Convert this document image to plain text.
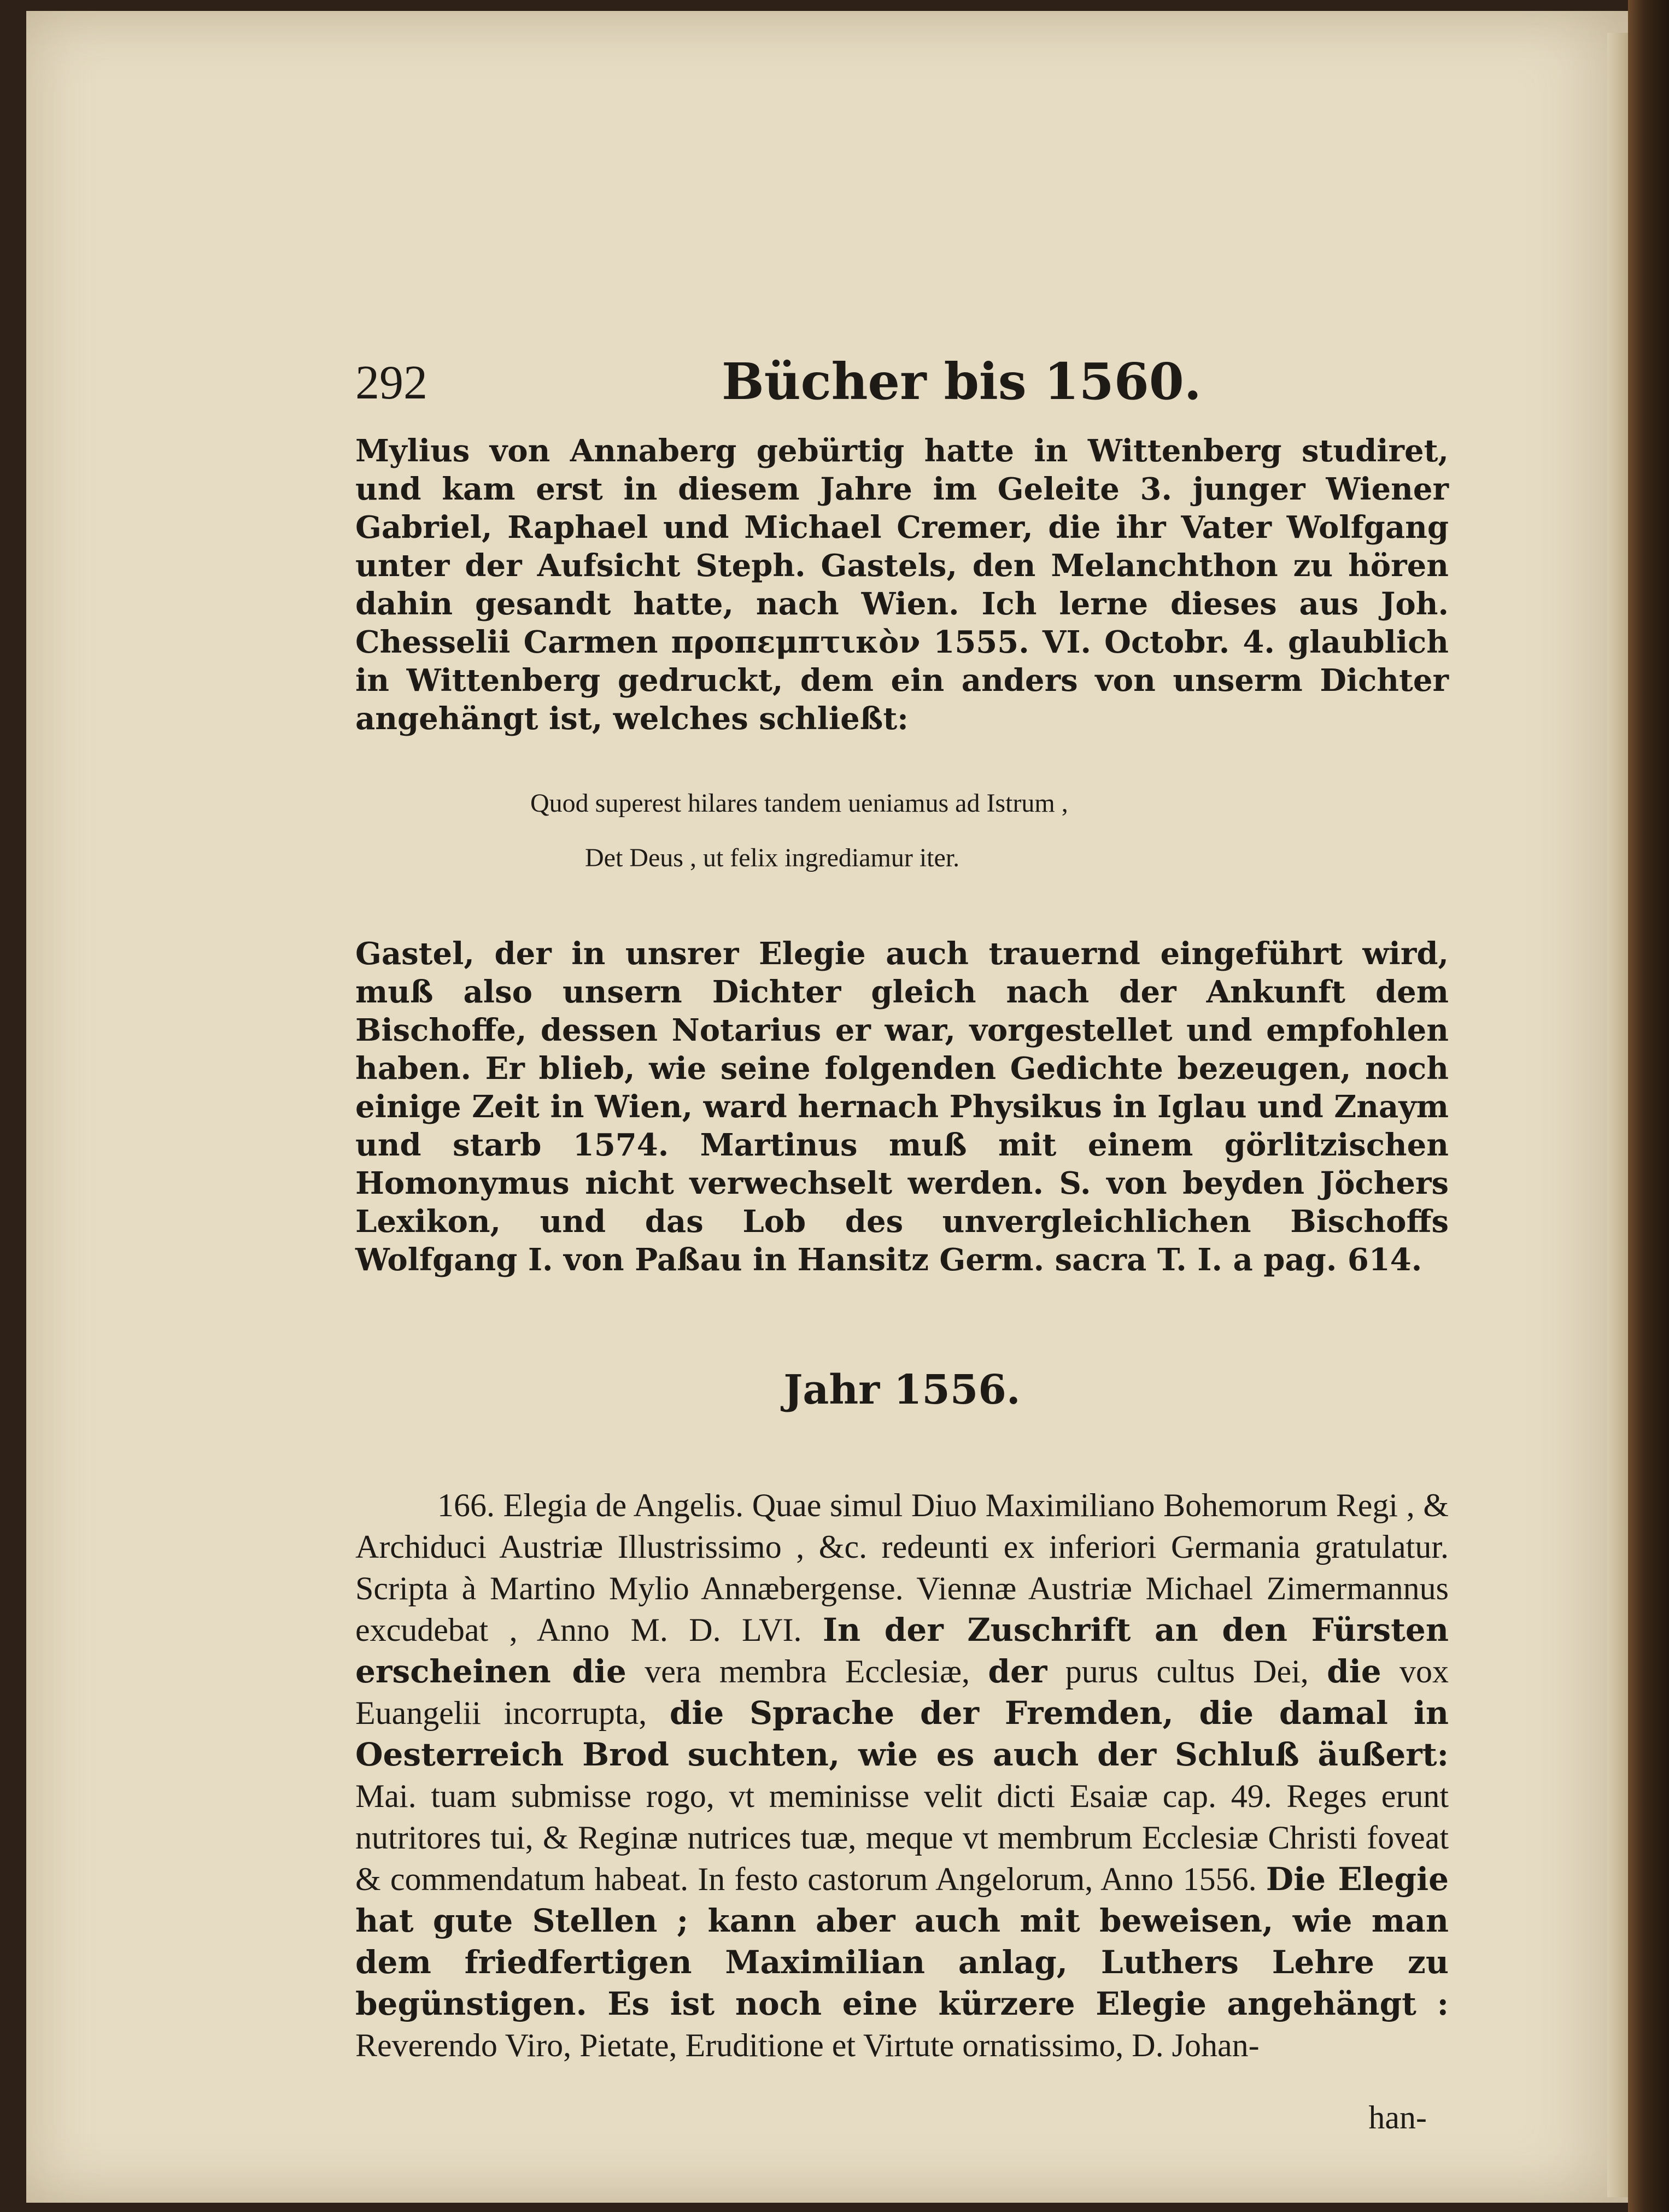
292	Bücher bis 1560.

Mylius von Annaberg gebürtig hatte in Wittenberg studiret, und kam erst in diesem Jahre im Geleite 3. junger Wiener Gabriel, Raphael und Michael Cremer, die ihr Vater Wolfgang unter der Aufsicht Steph. Gastels, den Melanchthon zu hören dahin gesandt hatte, nach Wien. Ich lerne dieses aus Joh. Chesselii Carmen προπεμπτικὸν 1555. VI. Octobr. 4. glaublich in Wittenberg gedruckt, dem ein anders von unserm Dichter angehängt ist, welches schließt:

Quod superest hilares tandem ueniamus ad Istrum ,
Det Deus , ut felix ingrediamur iter.

Gastel, der in unsrer Elegie auch trauernd eingeführt wird, muß also unsern Dichter gleich nach der Ankunft dem Bischoffe, dessen Notarius er war, vorgestellet und empfohlen haben. Er blieb, wie seine folgenden Gedichte bezeugen, noch einige Zeit in Wien, ward hernach Physikus in Iglau und Znaym und starb 1574. Martinus muß mit einem görlitzischen Homonymus nicht verwechselt werden. S. von beyden Jöchers Lexikon, und das Lob des unvergleichlichen Bischoffs Wolfgang I. von Paßau in Hansitz Germ. sacra T. I. a pag. 614.

Jahr 1556.

166. Elegia de Angelis. Quae simul Diuo Maximiliano Bohemorum Regi , & Archiduci Austriæ Illustrissimo , &c. redeunti ex inferiori Germania gratulatur. Scripta à Martino Mylio Annæbergense. Viennæ Austriæ Michael Zimermannus excudebat , Anno M. D. LVI. In der Zuschrift an den Fürsten erscheinen die vera membra Ecclesiæ, der purus cultus Dei, die vox Euangelii incorrupta, die Sprache der Fremden, die damal in Oesterreich Brod suchten, wie es auch der Schluß äußert: Mai. tuam submisse rogo, vt meminisse velit dicti Esaiæ cap. 49. Reges erunt nutritores tui, & Reginæ nutrices tuæ, meque vt membrum Ecclesiæ Christi foveat & commendatum habeat. In festo castorum Angelorum, Anno 1556. Die Elegie hat gute Stellen ; kann aber auch mit beweisen, wie man dem friedfertigen Maximilian anlag, Luthers Lehre zu begünstigen. Es ist noch eine kürzere Elegie angehängt : Reverendo Viro, Pietate, Eruditione et Virtute ornatissimo, D. Johan-

han-
